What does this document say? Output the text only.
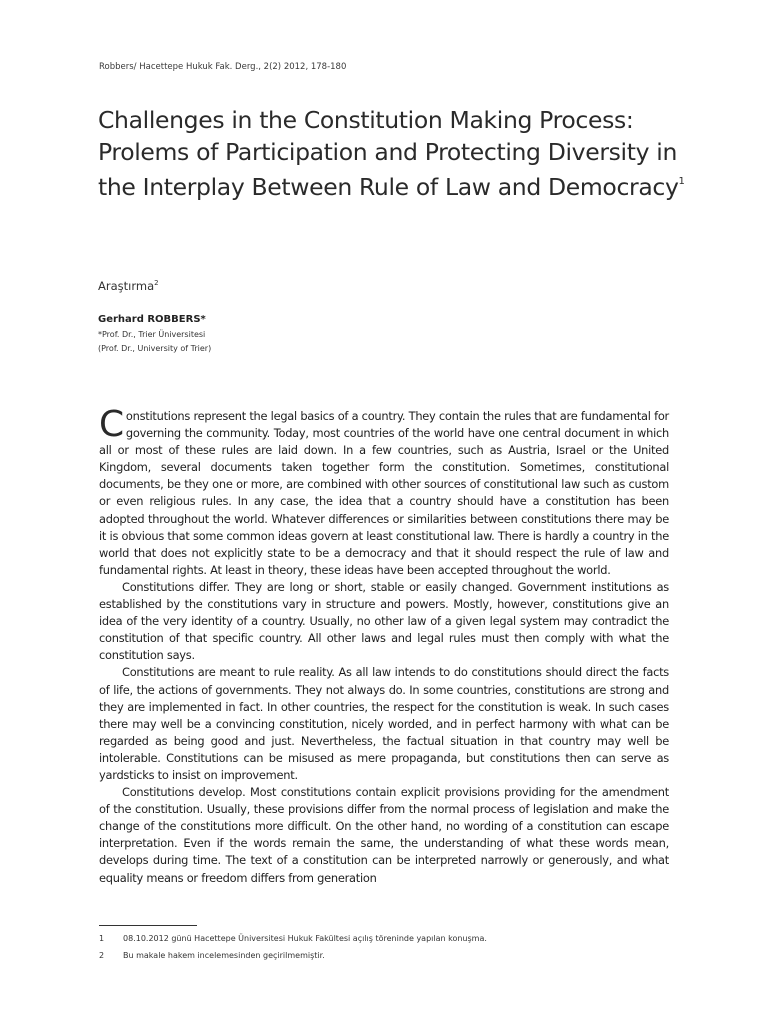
Robbers/ Hacettepe Hukuk Fak. Derg., 2(2) 2012, 178-180
Challenges in the Constitution Making Process: Prolems of Participation and Protecting Diversity in the Interplay Between Rule of Law and Democracy$^1$
Araştırma$^2$
Gerhard ROBBERS*
*Prof. Dr., Trier Üniversitesi
(Prof. Dr., University of Trier)

Constitutions represent the legal basics of a country. They contain the rules that are fundamental for governing the community. Today, most countries of the world have one central document in which all or most of these rules are laid down. In a few countries, such as Austria, Israel or the United Kingdom, several documents taken together form the constitution. Sometimes, constitutional documents, be they one or more, are combined with other sources of constitutional law such as custom or even religious rules. In any case, the idea that a country should have a constitution has been adopted throughout the world. Whatever differences or similarities between constitutions there may be it is obvious that some common ideas govern at least constitutional law. There is hardly a country in the world that does not explicitly state to be a democracy and that it should respect the rule of law and fundamental rights. At least in theory, these ideas have been accepted throughout the world.

Constitutions differ. They are long or short, stable or easily changed. Government institutions as established by the constitutions vary in structure and powers. Mostly, however, constitutions give an idea of the very identity of a country. Usually, no other law of a given legal system may contradict the constitution of that specific country. All other laws and legal rules must then comply with what the constitution says.

Constitutions are meant to rule reality. As all law intends to do constitutions should direct the facts of life, the actions of governments. They not always do. In some countries, constitutions are strong and they are implemented in fact. In other countries, the respect for the constitution is weak. In such cases there may well be a convincing constitution, nicely worded, and in perfect harmony with what can be regarded as being good and just. Nevertheless, the factual situation in that country may well be intolerable. Constitutions can be misused as mere propaganda, but constitutions then can serve as yardsticks to insist on improvement.

Constitutions develop. Most constitutions contain explicit provisions providing for the amendment of the constitution. Usually, these provisions differ from the normal process of legislation and make the change of the constitutions more difficult. On the other hand, no wording of a constitution can escape interpretation. Even if the words remain the same, the understanding of what these words mean, develops during time. The text of a constitution can be interpreted narrowly or generously, and what equality means or freedom differs from generation

1 08.10.2012 günü Hacettepe Üniversitesi Hukuk Fakültesi açılış töreninde yapılan konuşma.
2 Bu makale hakem incelemesinden geçirilmemiştir.
